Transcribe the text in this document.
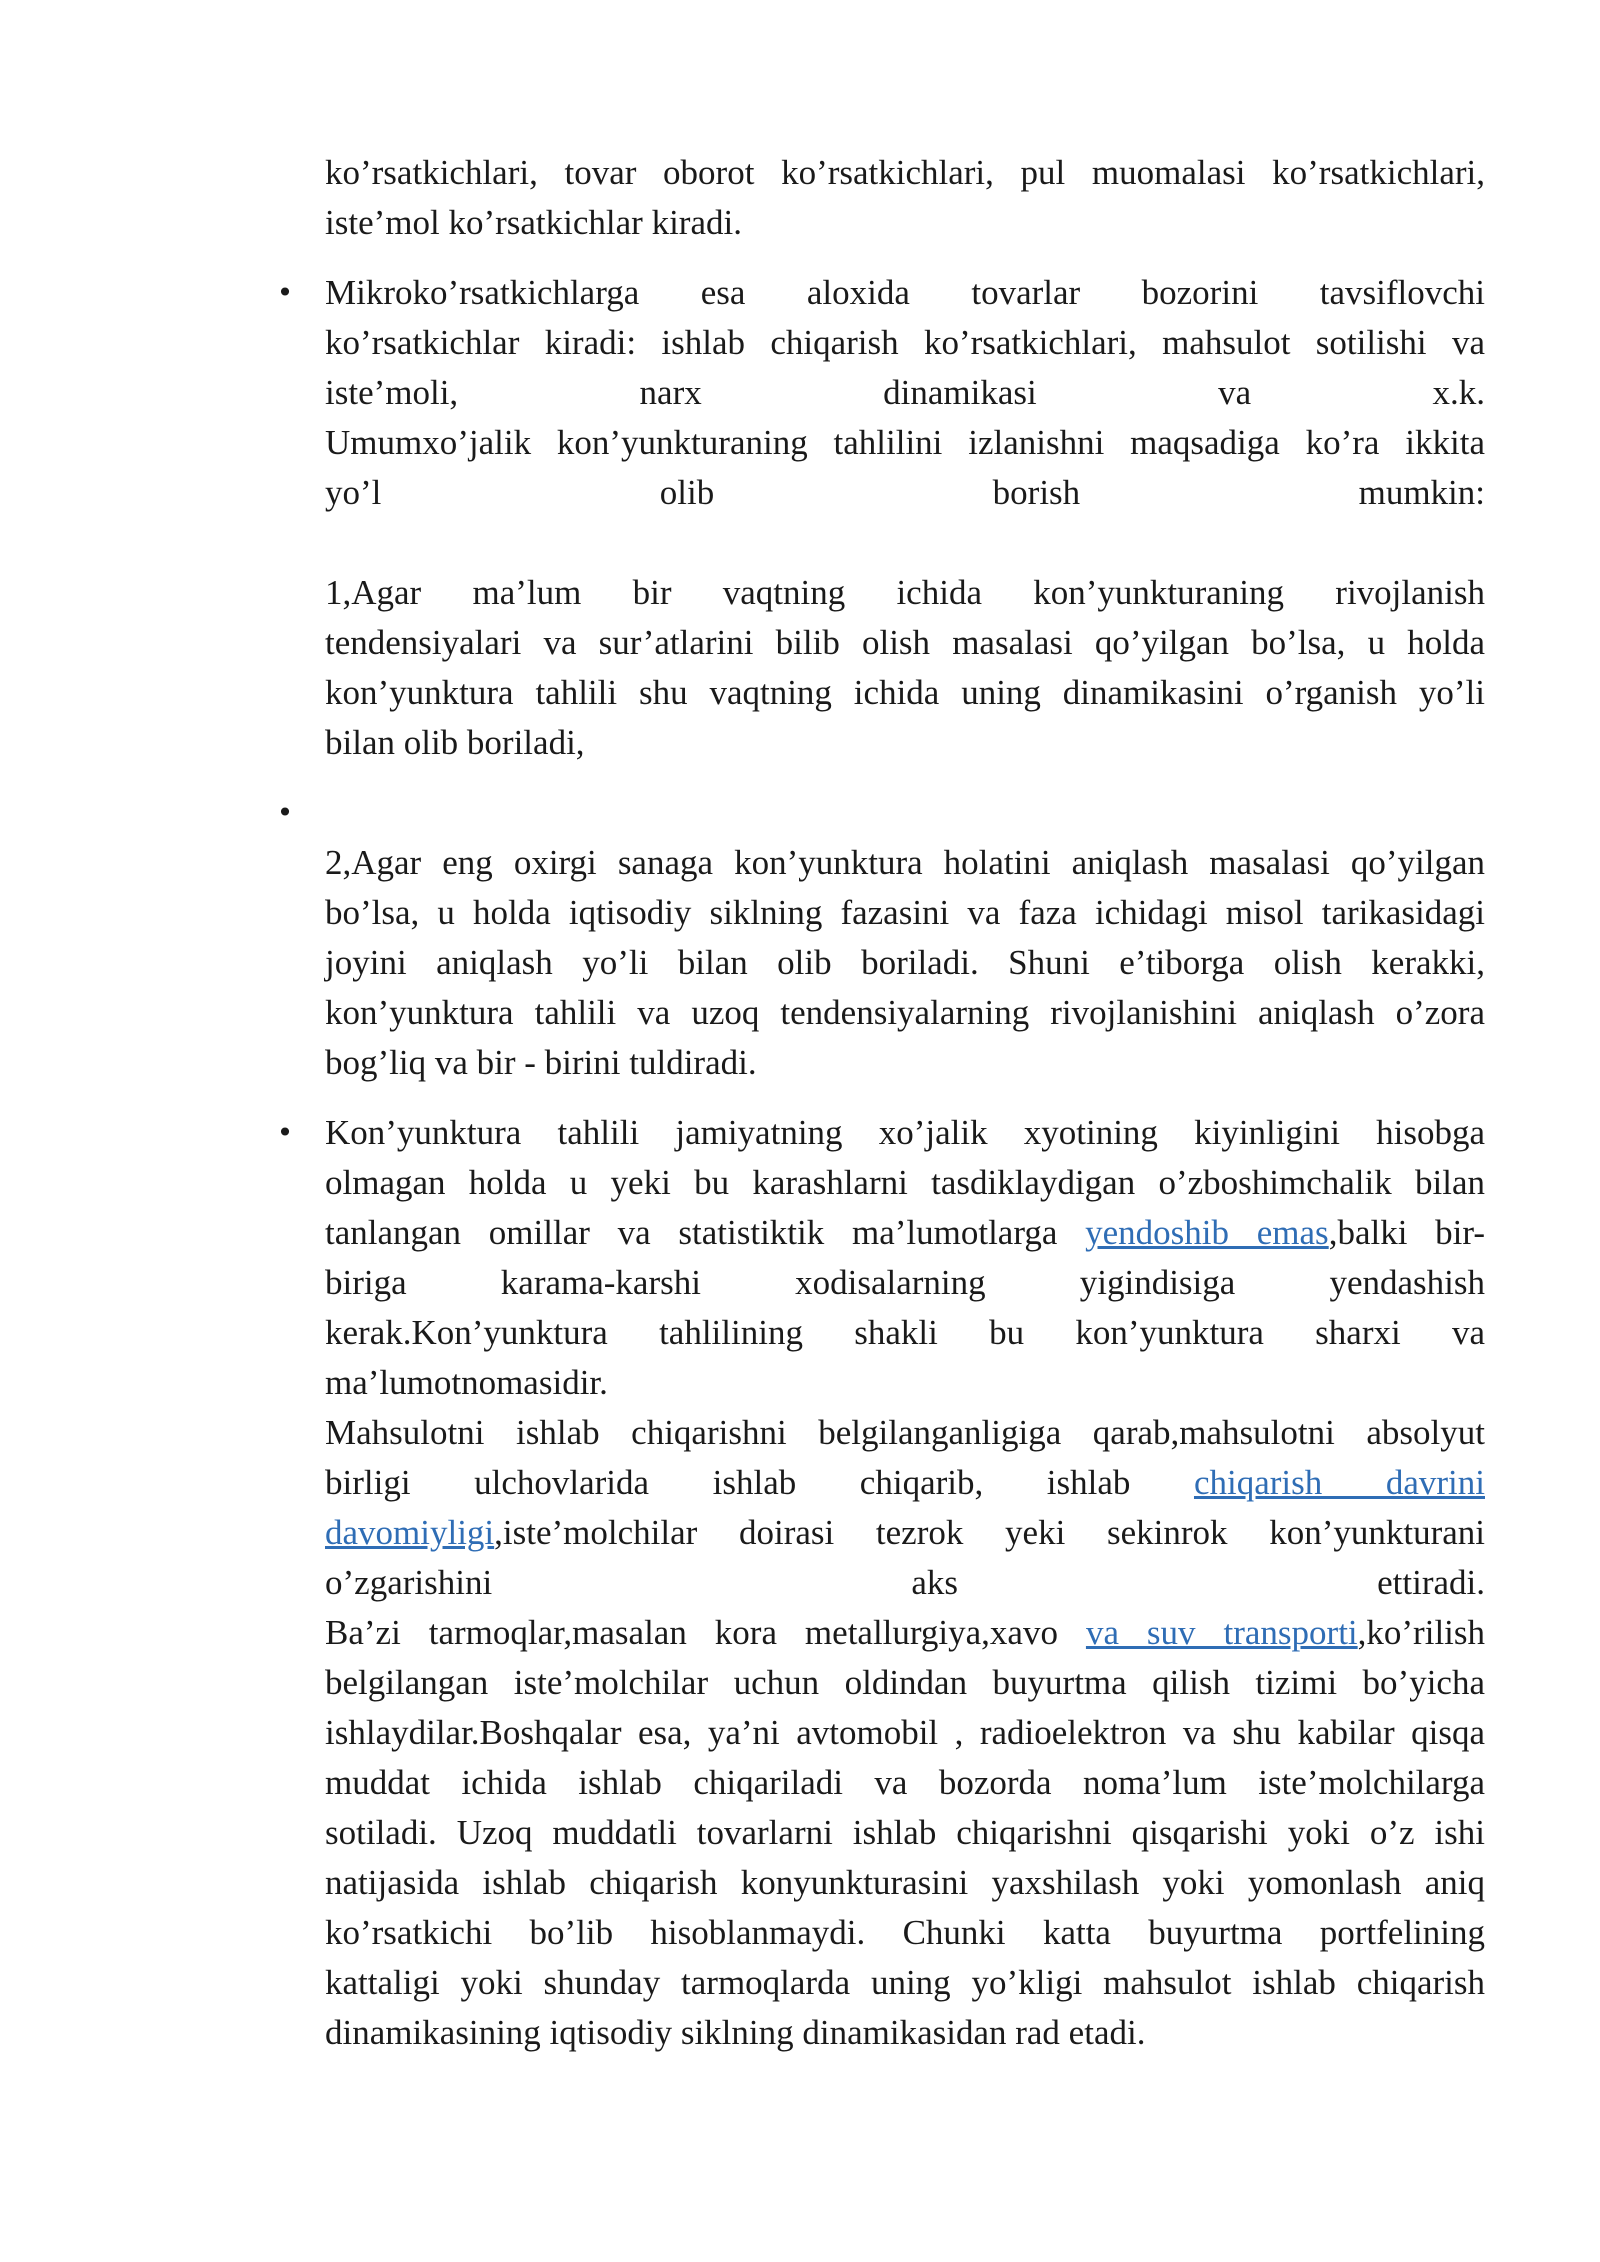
ko’rsatkichlari, tovar oborot ko’rsatkichlari, pul muomalasi ko’rsatkichlari,
iste’mol ko’rsatkichlar kiradi.
• Mikroko’rsatkichlarga esa aloxida tovarlar bozorini tavsiflovchi
ko’rsatkichlar kiradi: ishlab chiqarish ko’rsatkichlari, mahsulot sotilishi va
iste’moli, narx dinamikasi va x.k.
Umumxo’jalik kon’yunkturaning tahlilini izlanishni maqsadiga ko’ra ikkita
yo’l olib borish mumkin:
1,Agar ma’lum bir vaqtning ichida kon’yunkturaning rivojlanish
tendensiyalari va sur’atlarini bilib olish masalasi qo’yilgan bo’lsa, u holda
kon’yunktura tahlili shu vaqtning ichida uning dinamikasini o’rganish yo’li
bilan olib boriladi,
•
2,Agar eng oxirgi sanaga kon’yunktura holatini aniqlash masalasi qo’yilgan
bo’lsa, u holda iqtisodiy siklning fazasini va faza ichidagi misol tarikasidagi
joyini aniqlash yo’li bilan olib boriladi. Shuni e’tiborga olish kerakki,
kon’yunktura tahlili va uzoq tendensiyalarning rivojlanishini aniqlash o’zora
bog’liq va bir - birini tuldiradi.
• Kon’yunktura tahlili jamiyatning xo’jalik xyotining kiyinligini hisobga
olmagan holda u yeki bu karashlarni tasdiklaydigan o’zboshimchalik bilan
tanlangan omillar va statistiktik ma’lumotlarga yendoshib emas,balki bir-
biriga karama-karshi xodisalarning yigindisiga yendashish
kerak.Kon’yunktura tahlilining shakli bu kon’yunktura sharxi va
ma’lumotnomasidir.
Mahsulotni ishlab chiqarishni belgilanganligiga qarab,mahsulotni absolyut
birligi ulchovlarida ishlab chiqarib, ishlab chiqarish davrini
davomiyligi,iste’molchilar doirasi tezrok yeki sekinrok kon’yunkturani
o’zgarishini aks ettiradi.
Ba’zi tarmoqlar,masalan kora metallurgiya,xavo va suv transporti,ko’rilish
belgilangan iste’molchilar uchun oldindan buyurtma qilish tizimi bo’yicha
ishlaydilar.Boshqalar esa, ya’ni avtomobil , radioelektron va shu kabilar qisqa
muddat ichida ishlab chiqariladi va bozorda noma’lum iste’molchilarga
sotiladi. Uzoq muddatli tovarlarni ishlab chiqarishni qisqarishi yoki o’z ishi
natijasida ishlab chiqarish konyunkturasini yaxshilash yoki yomonlash aniq
ko’rsatkichi bo’lib hisoblanmaydi. Chunki katta buyurtma portfelining
kattaligi yoki shunday tarmoqlarda uning yo’kligi mahsulot ishlab chiqarish
dinamikasining iqtisodiy siklning dinamikasidan rad etadi.
